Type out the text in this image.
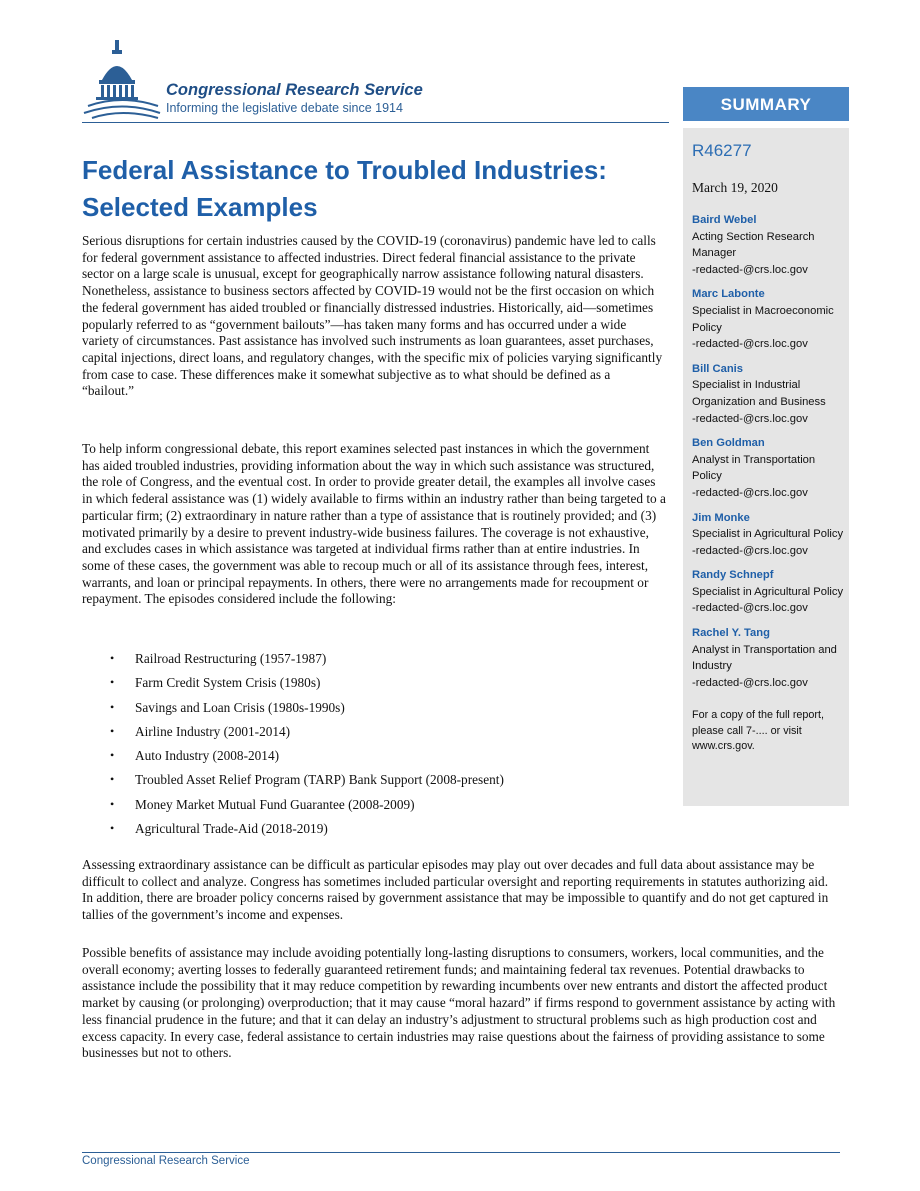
Congressional Research Service
Informing the legislative debate since 1914	SUMMARY
R46277
March 19, 2020
Baird Webel
Acting Section Research Manager
-redacted-@crs.loc.gov
Marc Labonte
Specialist in Macroeconomic Policy
-redacted-@crs.loc.gov
Bill Canis
Specialist in Industrial Organization and Business
-redacted-@crs.loc.gov
Ben Goldman
Analyst in Transportation Policy
-redacted-@crs.loc.gov
Jim Monke
Specialist in Agricultural Policy
-redacted-@crs.loc.gov
Randy Schnepf
Specialist in Agricultural Policy
-redacted-@crs.loc.gov
Rachel Y. Tang
Analyst in Transportation and Industry
-redacted-@crs.loc.gov
For a copy of the full report, please call 7-.... or visit www.crs.gov.
Federal Assistance to Troubled Industries: Selected Examples

Serious disruptions for certain industries caused by the COVID-19 (coronavirus) pandemic have led to calls for federal government assistance to affected industries. Direct federal financial assistance to the private sector on a large scale is unusual, except for geographically narrow assistance following natural disasters. Nonetheless, assistance to business sectors affected by COVID-19 would not be the first occasion on which the federal government has aided troubled or financially distressed industries. Historically, aid—sometimes popularly referred to as “government bailouts”—has taken many forms and has occurred under a wide variety of circumstances. Past assistance has involved such instruments as loan guarantees, asset purchases, capital injections, direct loans, and regulatory changes, with the specific mix of policies varying significantly from case to case. These differences make it somewhat subjective as to what should be defined as a “bailout.”

To help inform congressional debate, this report examines selected past instances in which the government has aided troubled industries, providing information about the way in which such assistance was structured, the role of Congress, and the eventual cost. In order to provide greater detail, the examples all involve cases in which federal assistance was (1) widely available to firms within an industry rather than being targeted to a particular firm; (2) extraordinary in nature rather than a type of assistance that is routinely provided; and (3) motivated primarily by a desire to prevent industry-wide business failures. The coverage is not exhaustive, and excludes cases in which assistance was targeted at individual firms rather than at entire industries. In some of these cases, the government was able to recoup much or all of its assistance through fees, interest, warrants, and loan or principal repayments. In others, there were no arrangements made for recoupment or repayment. The episodes considered include the following:

• Railroad Restructuring (1957-1987)
• Farm Credit System Crisis (1980s)
• Savings and Loan Crisis (1980s-1990s)
• Airline Industry (2001-2014)
• Auto Industry (2008-2014)
• Troubled Asset Relief Program (TARP) Bank Support (2008-present)
• Money Market Mutual Fund Guarantee (2008-2009)
• Agricultural Trade-Aid (2018-2019)

Assessing extraordinary assistance can be difficult as particular episodes may play out over decades and full data about assistance may be difficult to collect and analyze. Congress has sometimes included particular oversight and reporting requirements in statutes authorizing aid. In addition, there are broader policy concerns raised by government assistance that may be impossible to quantify and do not get captured in tallies of the government’s income and expenses.

Possible benefits of assistance may include avoiding potentially long-lasting disruptions to consumers, workers, local communities, and the overall economy; averting losses to federally guaranteed retirement funds; and maintaining federal tax revenues. Potential drawbacks to assistance include the possibility that it may reduce competition by rewarding incumbents over new entrants and distort the affected product market by causing (or prolonging) overproduction; that it may cause “moral hazard” if firms respond to government assistance by acting with less financial prudence in the future; and that it can delay an industry’s adjustment to structural problems such as high production cost and excess capacity. In every case, federal assistance to certain industries may raise questions about the fairness of providing assistance to some businesses but not to others.

Congressional Research Service
